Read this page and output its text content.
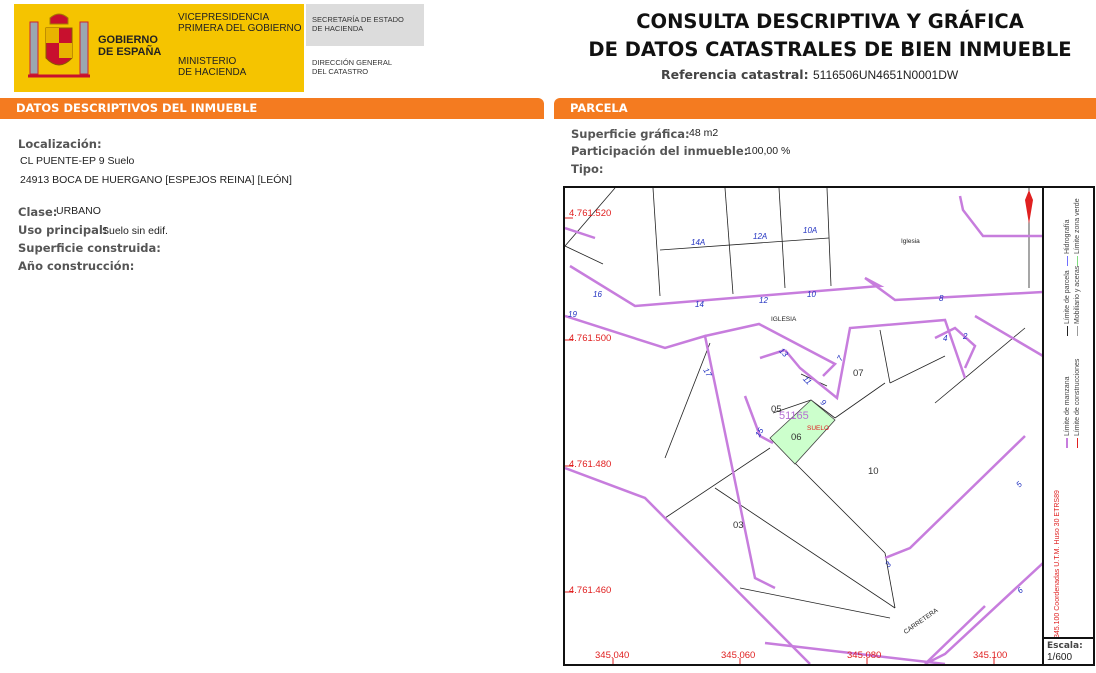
GOBIERNO
DE ESPAÑA
VICEPRESIDENCIA
PRIMERA DEL GOBIERNO
MINISTERIO
DE HACIENDA
SECRETARÍA DE ESTADO
DE HACIENDA
DIRECCIÓN GENERAL
DEL CATASTRO
CONSULTA DESCRIPTIVA Y GRÁFICA
DE DATOS CATASTRALES DE BIEN INMUEBLE
Referencia catastral: 5116506UN4651N0001DW
DATOS DESCRIPTIVOS DEL INMUEBLE
Localización:
CL PUENTE-EP 9 Suelo
24913 BOCA DE HUERGANO [ESPEJOS REINA] [LEÓN]
Clase:
URBANO
Uso principal:
Suelo sin edif.
Superficie construida:
Año construcción:
PARCELA
Superficie gráfica: 48 m2
Participación del inmueble:
100,00 %
Tipo:
4.761.520
4.761.500
4.761.480
4.761.460
345.040	345.060	345.080	345.100
14A
12A
10A
16
14	12
10	8
19
13	7
4 2
11
9
17
15
5
3
6
Iglesia
IGLESIA
CARRETERA
51165
SUELO
07
05
06
10
03	345.100 Coordenadas U.T.M. Huso 30 ETRS89
Límite de manzana Límite de construcciones
Límite de parcela Mobiliario y aceras
Hidrografía Límite zona verde
Escala:
1/600
